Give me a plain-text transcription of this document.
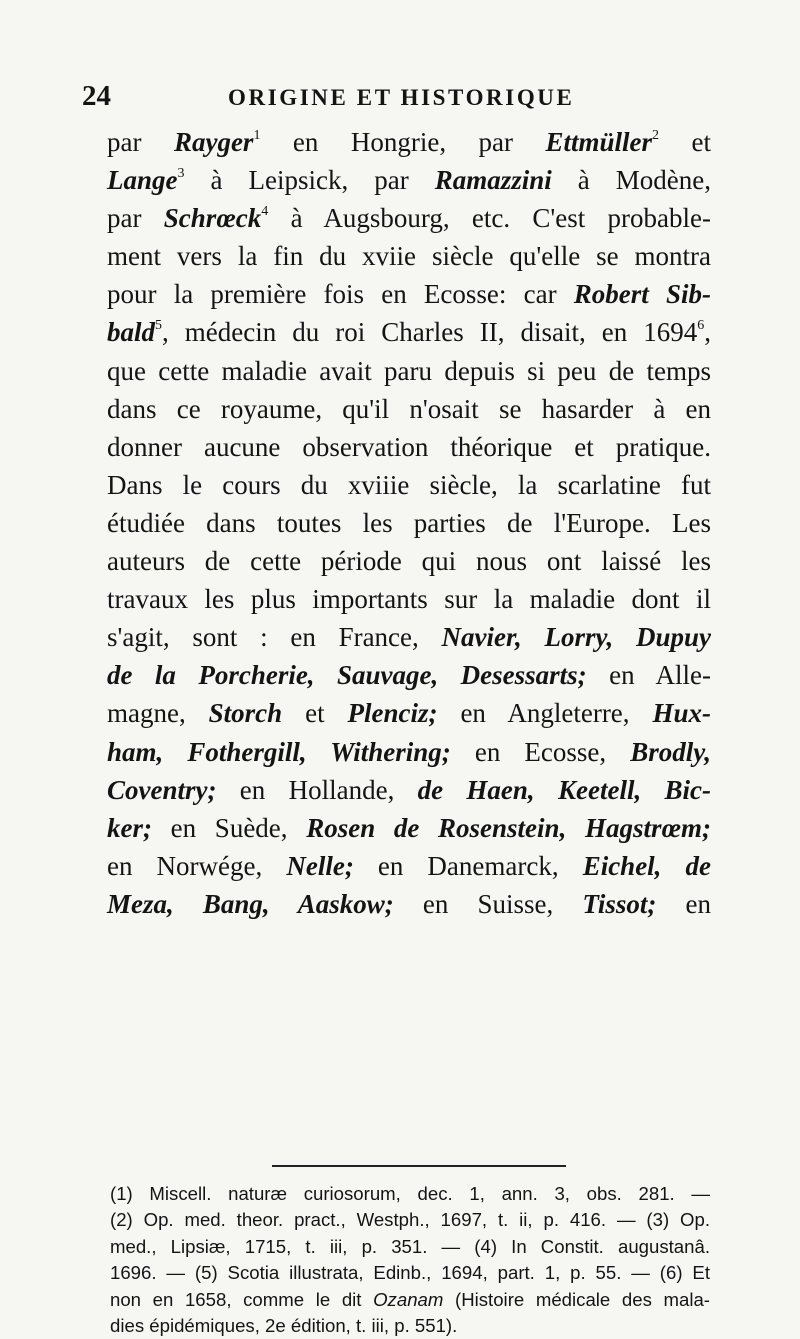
24	ORIGINE ET HISTORIQUE
par Rayger$^1$ en Hongrie, par Ettmüller$^2$ et
Lange$^3$ à Leipsick, par Ramazzini à Modène,
par Schrœck$^4$ à Augsbourg, etc. C'est probable-
ment vers la fin du xviie siècle qu'elle se montra
pour la première fois en Ecosse: car Robert Sib-
bald$^5$, médecin du roi Charles II, disait, en 1694$^6$,
que cette maladie avait paru depuis si peu de temps
dans ce royaume, qu'il n'osait se hasarder à en
donner aucune observation théorique et pratique.
Dans le cours du xviiie siècle, la scarlatine fut
étudiée dans toutes les parties de l'Europe. Les
auteurs de cette période qui nous ont laissé les
travaux les plus importants sur la maladie dont il
s'agit, sont : en France, Navier, Lorry, Dupuy
de la Porcherie, Sauvage, Desessarts; en Alle-
magne, Storch et Plenciz; en Angleterre, Hux-
ham, Fothergill, Withering; en Ecosse, Brodly,
Coventry; en Hollande, de Haen, Keetell, Bic-
ker; en Suède, Rosen de Rosenstein, Hagstrœm;
en Norwége, Nelle; en Danemarck, Eichel, de
Meza, Bang, Aaskow; en Suisse, Tissot; en
(1) Miscell. naturæ curiosorum, dec. 1, ann. 3, obs. 281. —
(2) Op. med. theor. pract., Westph., 1697, t. ii, p. 416. — (3) Op.
med., Lipsiæ, 1715, t. iii, p. 351. — (4) In Constit. augustanâ.
1696. — (5) Scotia illustrata, Edinb., 1694, part. 1, p. 55. — (6) Et
non en 1658, comme le dit Ozanam (Histoire médicale des mala-
dies épidémiques, 2e édition, t. iii, p. 551).
